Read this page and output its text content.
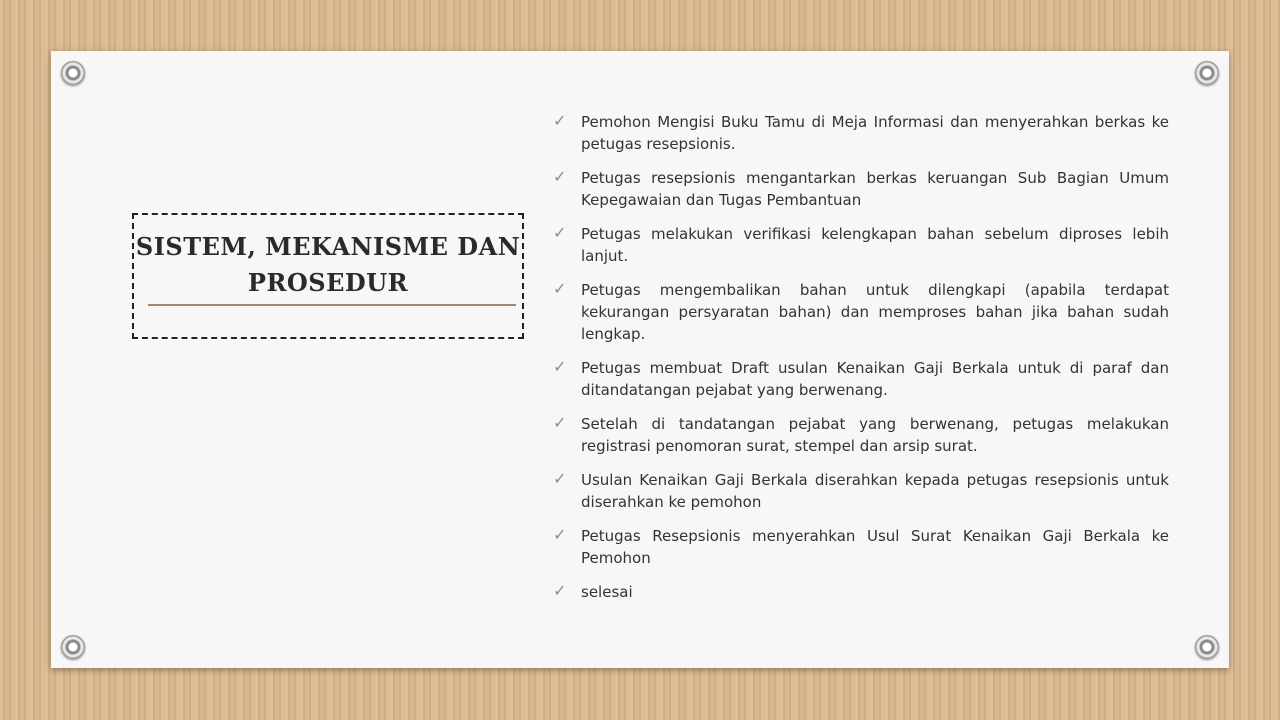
SISTEM, MEKANISME DAN PROSEDUR
✓ Pemohon Mengisi Buku Tamu di Meja Informasi dan menyerahkan berkas ke petugas resepsionis.
✓ Petugas resepsionis mengantarkan berkas keruangan Sub Bagian Umum Kepegawaian dan Tugas Pembantuan
✓ Petugas melakukan verifikasi kelengkapan bahan sebelum diproses lebih lanjut.
✓ Petugas mengembalikan bahan untuk dilengkapi (apabila terdapat kekurangan persyaratan bahan) dan memproses bahan jika bahan sudah lengkap.
✓ Petugas membuat Draft usulan Kenaikan Gaji Berkala untuk di paraf dan ditandatangan pejabat yang berwenang.
✓ Setelah di tandatangan pejabat yang berwenang, petugas melakukan registrasi penomoran surat, stempel dan arsip surat.
✓ Usulan Kenaikan Gaji Berkala diserahkan kepada petugas resepsionis untuk diserahkan ke pemohon
✓ Petugas Resepsionis menyerahkan Usul Surat Kenaikan Gaji Berkala ke Pemohon
✓ selesai
